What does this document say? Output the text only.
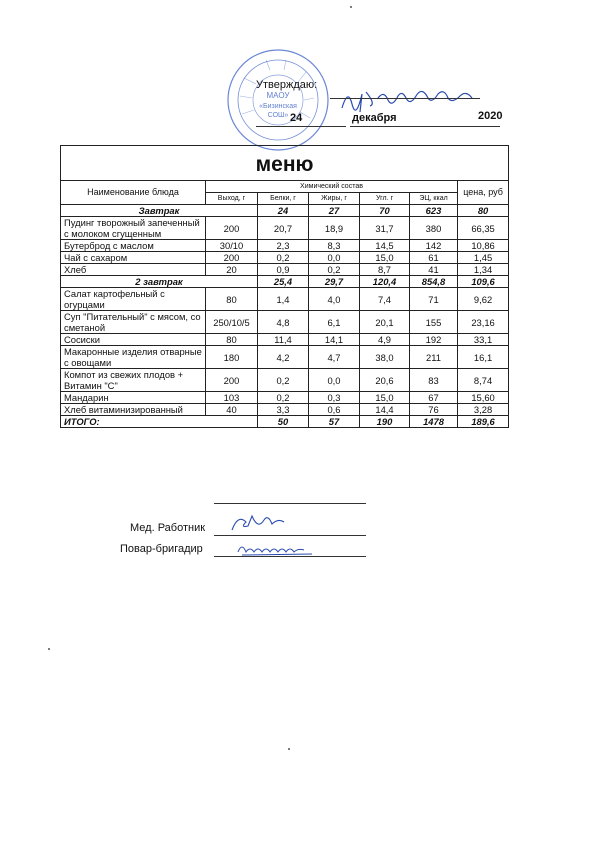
МАОУ
«Бизинская
СОШ»
Утверждаю:
24	декабря	2020
меню						
Наименование блюда	Химический состав					цена, руб
	Выход, г	Белки, г	Жиры, г	Угл. г	ЭЦ, ккал	
Завтрак		24	27	70	623	80
Пудинг творожный запеченный с молоком сгущенным	200	20,7	18,9	31,7	380	66,35
Бутерброд с маслом	30/10	2,3	8,3	14,5	142	10,86
Чай с сахаром	200	0,2	0,0	15,0	61	1,45
Хлеб	20	0,9	0,2	8,7	41	1,34
2 завтрак		25,4	29,7	120,4	854,8	109,6
Салат картофельный с огурцами	80	1,4	4,0	7,4	71	9,62
Суп "Питательный" с мясом, со сметаной	250/10/5	4,8	6,1	20,1	155	23,16
Сосиски	80	11,4	14,1	4,9	192	33,1
Макаронные изделия отварные с овощами	180	4,2	4,7	38,0	211	16,1
Компот из свежих плодов + Витамин "С"	200	0,2	0,0	20,6	83	8,74
Мандарин	103	0,2	0,3	15,0	67	15,60
Хлеб витаминизированный	40	3,3	0,6	14,4	76	3,28
ИТОГО:		50	57	190	1478	189,6
Мед. Работник
Повар-бригадир
